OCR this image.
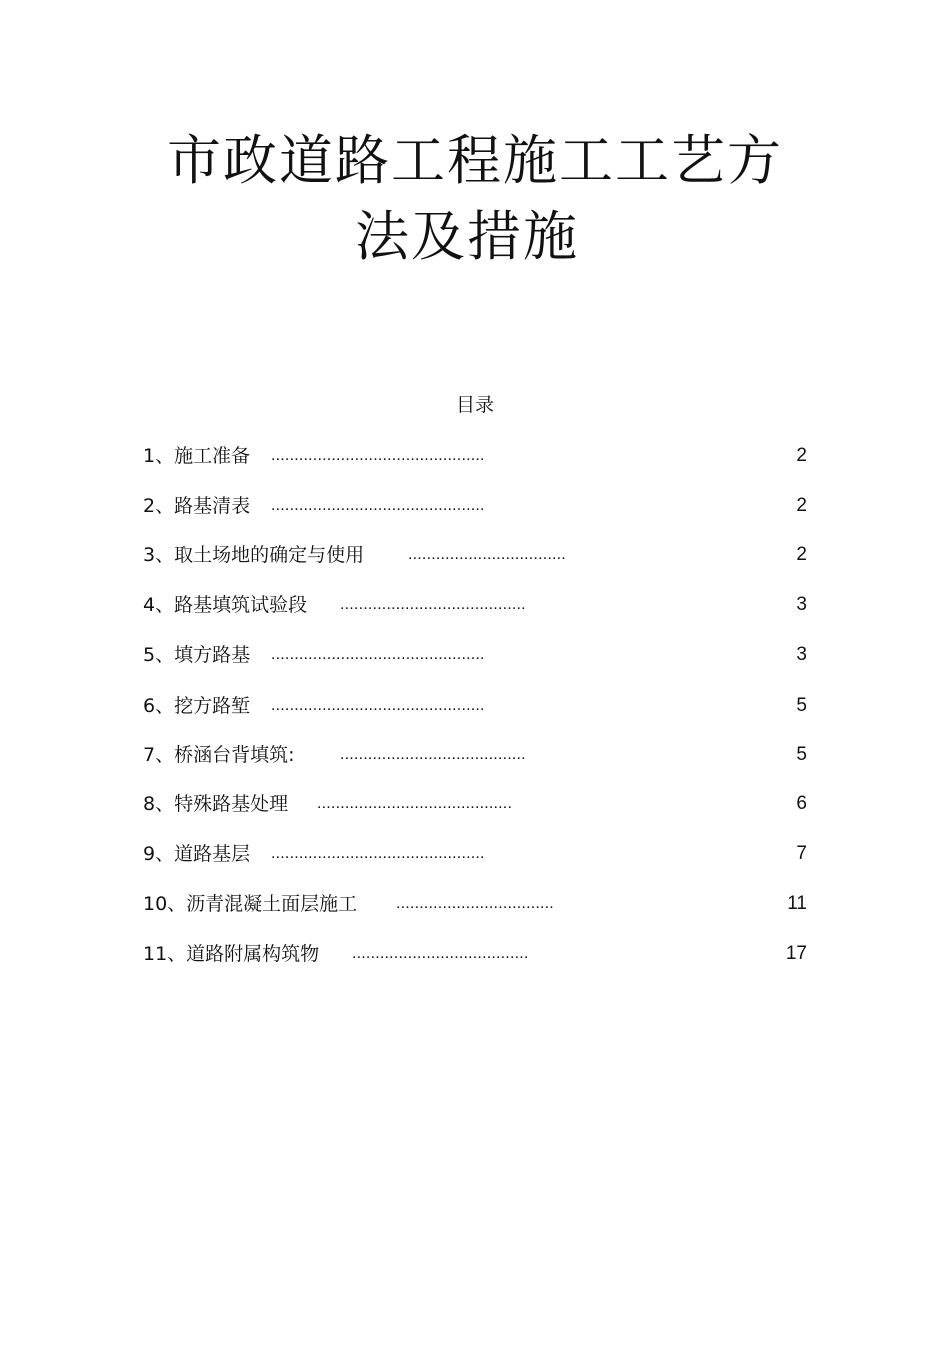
市政道路工程施工工艺方
法及措施
目录
1、施工准备 ..............................................	2
2、路基清表 ..............................................	2
3、取土场地的确定与使用	..................................	2
4、路基填筑试验段 ........................................	3
5、填方路基 ..............................................	3
6、挖方路堑 ..............................................	5
7、桥涵台背填筑:	........................................	5
8、特殊路基处理 ..........................................	6
9、道路基层 ..............................................	7
10、沥青混凝土面层施工 ..................................	11
11、道路附属构筑物 ......................................	17
